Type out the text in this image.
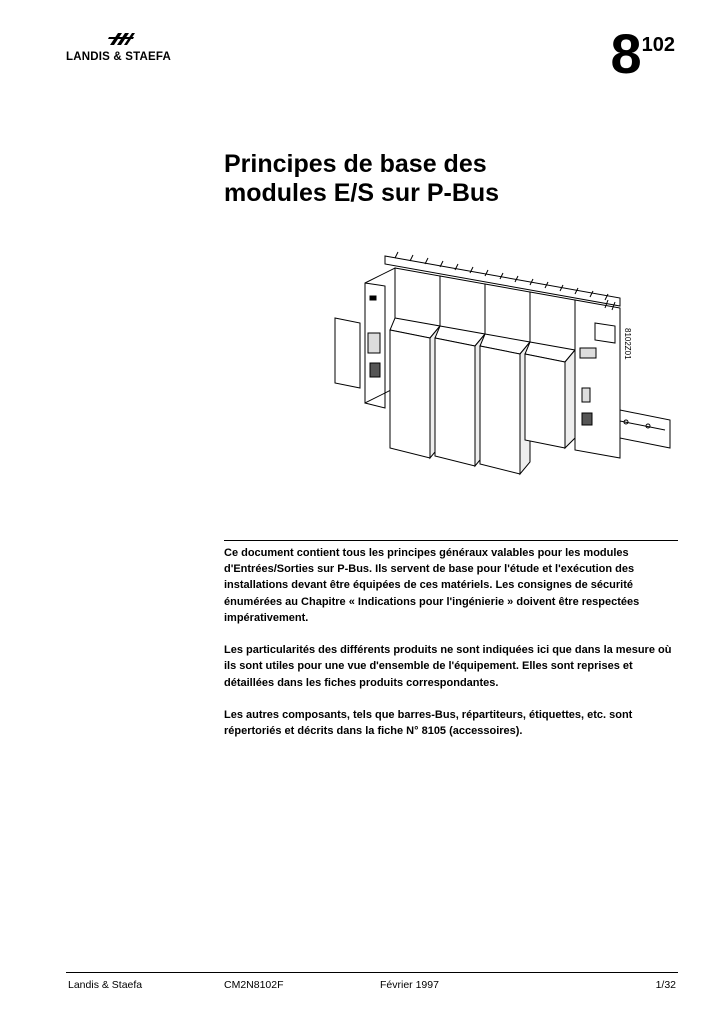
LANDIS & STAEFA	8102
Principes de base des
modules E/S sur P-Bus
8102Z01

Ce document contient tous les principes généraux valables pour les modules d'Entrées/Sorties sur P-Bus. Ils servent de base pour l'étude et l'exécution des installations devant être équipées de ces matériels. Les consignes de sécurité énumérées au Chapitre « Indications pour l'ingénierie » doivent être respectées impérativement.

Les particularités des différents produits ne sont indiquées ici que dans la mesure où ils sont utiles pour une vue d'ensemble de l'équipement. Elles sont reprises et détaillées dans les fiches produits correspondantes.

Les autres composants, tels que barres-Bus, répartiteurs, étiquettes, etc. sont répertoriés et décrits dans la fiche N° 8105 (accessoires).

Landis & Staefa	CM2N8102F	Février 1997	1/32
